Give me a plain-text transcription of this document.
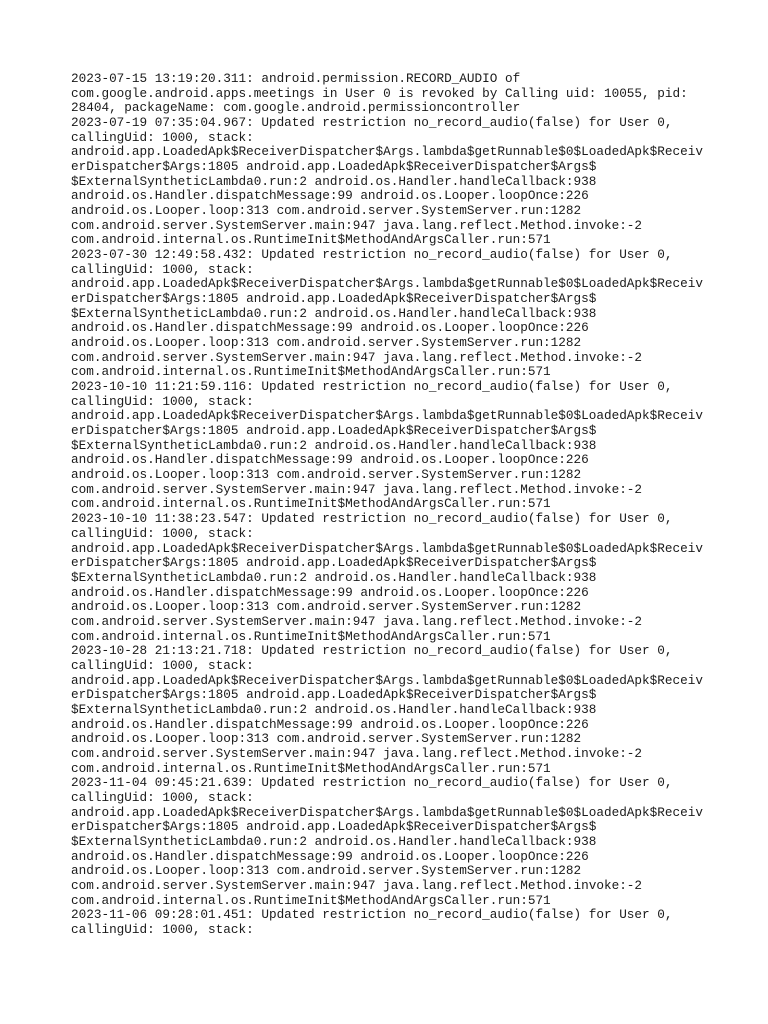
2023-07-15 13:19:20.311: android.permission.RECORD_AUDIO of
com.google.android.apps.meetings in User 0 is revoked by Calling uid: 10055, pid:
28404, packageName: com.google.android.permissioncontroller
2023-07-19 07:35:04.967: Updated restriction no_record_audio(false) for User 0,
callingUid: 1000, stack:
android.app.LoadedApk$ReceiverDispatcher$Args.lambda$getRunnable$0$LoadedApk$Receiv
erDispatcher$Args:1805 android.app.LoadedApk$ReceiverDispatcher$Args$
$ExternalSyntheticLambda0.run:2 android.os.Handler.handleCallback:938
android.os.Handler.dispatchMessage:99 android.os.Looper.loopOnce:226
android.os.Looper.loop:313 com.android.server.SystemServer.run:1282
com.android.server.SystemServer.main:947 java.lang.reflect.Method.invoke:-2
com.android.internal.os.RuntimeInit$MethodAndArgsCaller.run:571
2023-07-30 12:49:58.432: Updated restriction no_record_audio(false) for User 0,
callingUid: 1000, stack:
android.app.LoadedApk$ReceiverDispatcher$Args.lambda$getRunnable$0$LoadedApk$Receiv
erDispatcher$Args:1805 android.app.LoadedApk$ReceiverDispatcher$Args$
$ExternalSyntheticLambda0.run:2 android.os.Handler.handleCallback:938
android.os.Handler.dispatchMessage:99 android.os.Looper.loopOnce:226
android.os.Looper.loop:313 com.android.server.SystemServer.run:1282
com.android.server.SystemServer.main:947 java.lang.reflect.Method.invoke:-2
com.android.internal.os.RuntimeInit$MethodAndArgsCaller.run:571
2023-10-10 11:21:59.116: Updated restriction no_record_audio(false) for User 0,
callingUid: 1000, stack:
android.app.LoadedApk$ReceiverDispatcher$Args.lambda$getRunnable$0$LoadedApk$Receiv
erDispatcher$Args:1805 android.app.LoadedApk$ReceiverDispatcher$Args$
$ExternalSyntheticLambda0.run:2 android.os.Handler.handleCallback:938
android.os.Handler.dispatchMessage:99 android.os.Looper.loopOnce:226
android.os.Looper.loop:313 com.android.server.SystemServer.run:1282
com.android.server.SystemServer.main:947 java.lang.reflect.Method.invoke:-2
com.android.internal.os.RuntimeInit$MethodAndArgsCaller.run:571
2023-10-10 11:38:23.547: Updated restriction no_record_audio(false) for User 0,
callingUid: 1000, stack:
android.app.LoadedApk$ReceiverDispatcher$Args.lambda$getRunnable$0$LoadedApk$Receiv
erDispatcher$Args:1805 android.app.LoadedApk$ReceiverDispatcher$Args$
$ExternalSyntheticLambda0.run:2 android.os.Handler.handleCallback:938
android.os.Handler.dispatchMessage:99 android.os.Looper.loopOnce:226
android.os.Looper.loop:313 com.android.server.SystemServer.run:1282
com.android.server.SystemServer.main:947 java.lang.reflect.Method.invoke:-2
com.android.internal.os.RuntimeInit$MethodAndArgsCaller.run:571
2023-10-28 21:13:21.718: Updated restriction no_record_audio(false) for User 0,
callingUid: 1000, stack:
android.app.LoadedApk$ReceiverDispatcher$Args.lambda$getRunnable$0$LoadedApk$Receiv
erDispatcher$Args:1805 android.app.LoadedApk$ReceiverDispatcher$Args$
$ExternalSyntheticLambda0.run:2 android.os.Handler.handleCallback:938
android.os.Handler.dispatchMessage:99 android.os.Looper.loopOnce:226
android.os.Looper.loop:313 com.android.server.SystemServer.run:1282
com.android.server.SystemServer.main:947 java.lang.reflect.Method.invoke:-2
com.android.internal.os.RuntimeInit$MethodAndArgsCaller.run:571
2023-11-04 09:45:21.639: Updated restriction no_record_audio(false) for User 0,
callingUid: 1000, stack:
android.app.LoadedApk$ReceiverDispatcher$Args.lambda$getRunnable$0$LoadedApk$Receiv
erDispatcher$Args:1805 android.app.LoadedApk$ReceiverDispatcher$Args$
$ExternalSyntheticLambda0.run:2 android.os.Handler.handleCallback:938
android.os.Handler.dispatchMessage:99 android.os.Looper.loopOnce:226
android.os.Looper.loop:313 com.android.server.SystemServer.run:1282
com.android.server.SystemServer.main:947 java.lang.reflect.Method.invoke:-2
com.android.internal.os.RuntimeInit$MethodAndArgsCaller.run:571
2023-11-06 09:28:01.451: Updated restriction no_record_audio(false) for User 0,
callingUid: 1000, stack:
